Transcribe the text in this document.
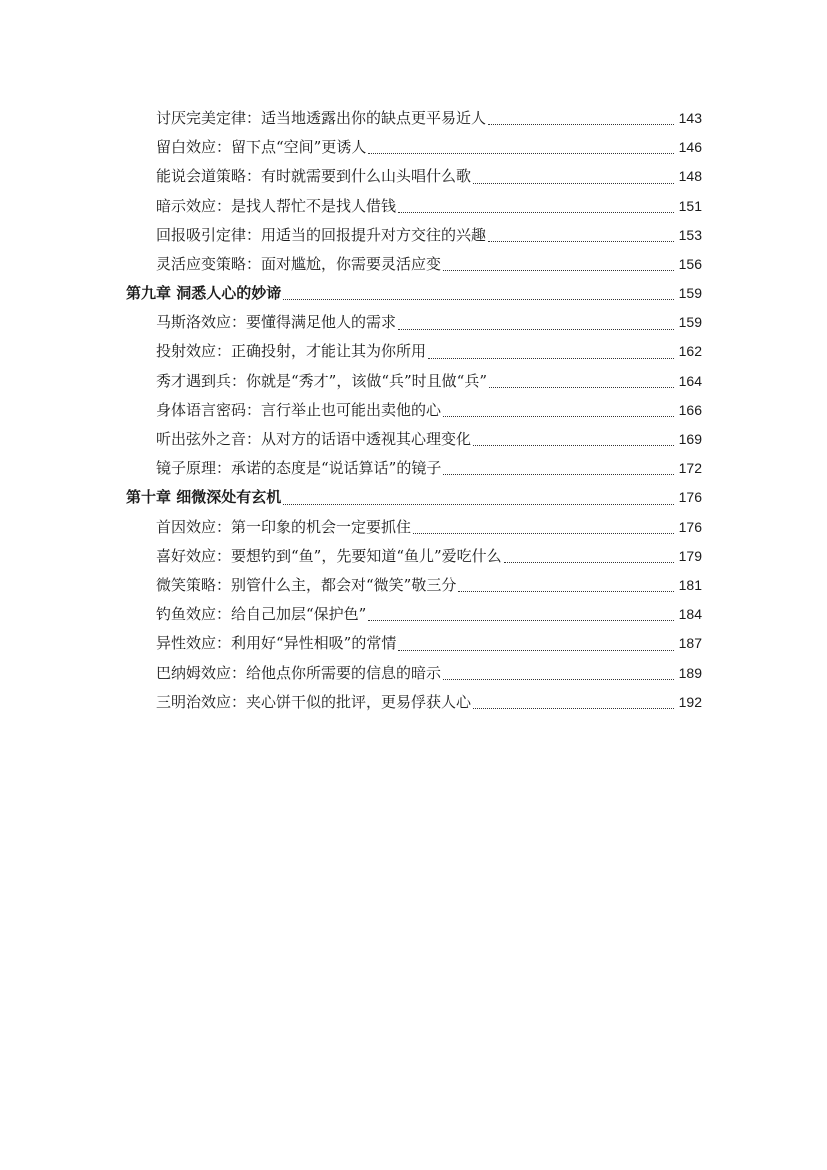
讨厌完美定律：适当地透露出你的缺点更平易近人	143
留白效应：留下点“空间”更诱人	146
能说会道策略：有时就需要到什么山头唱什么歌	148
暗示效应：是找人帮忙不是找人借钱	151
回报吸引定律：用适当的回报提升对方交往的兴趣	153
灵活应变策略：面对尴尬，你需要灵活应变	156
第九章 洞悉人心的妙谛	159
马斯洛效应：要懂得满足他人的需求	159
投射效应：正确投射，才能让其为你所用	162
秀才遇到兵：你就是“秀才”，该做“兵”时且做“兵”	164
身体语言密码：言行举止也可能出卖他的心	166
听出弦外之音：从对方的话语中透视其心理变化	169
镜子原理：承诺的态度是“说话算话”的镜子	172
第十章 细微深处有玄机	176
首因效应：第一印象的机会一定要抓住	176
喜好效应：要想钓到“鱼”，先要知道“鱼儿”爱吃什么	179
微笑策略：别管什么主，都会对“微笑”敬三分	181
钓鱼效应：给自己加层“保护色”	184
异性效应：利用好“异性相吸”的常情	187
巴纳姆效应：给他点你所需要的信息的暗示	189
三明治效应：夹心饼干似的批评，更易俘获人心	192
